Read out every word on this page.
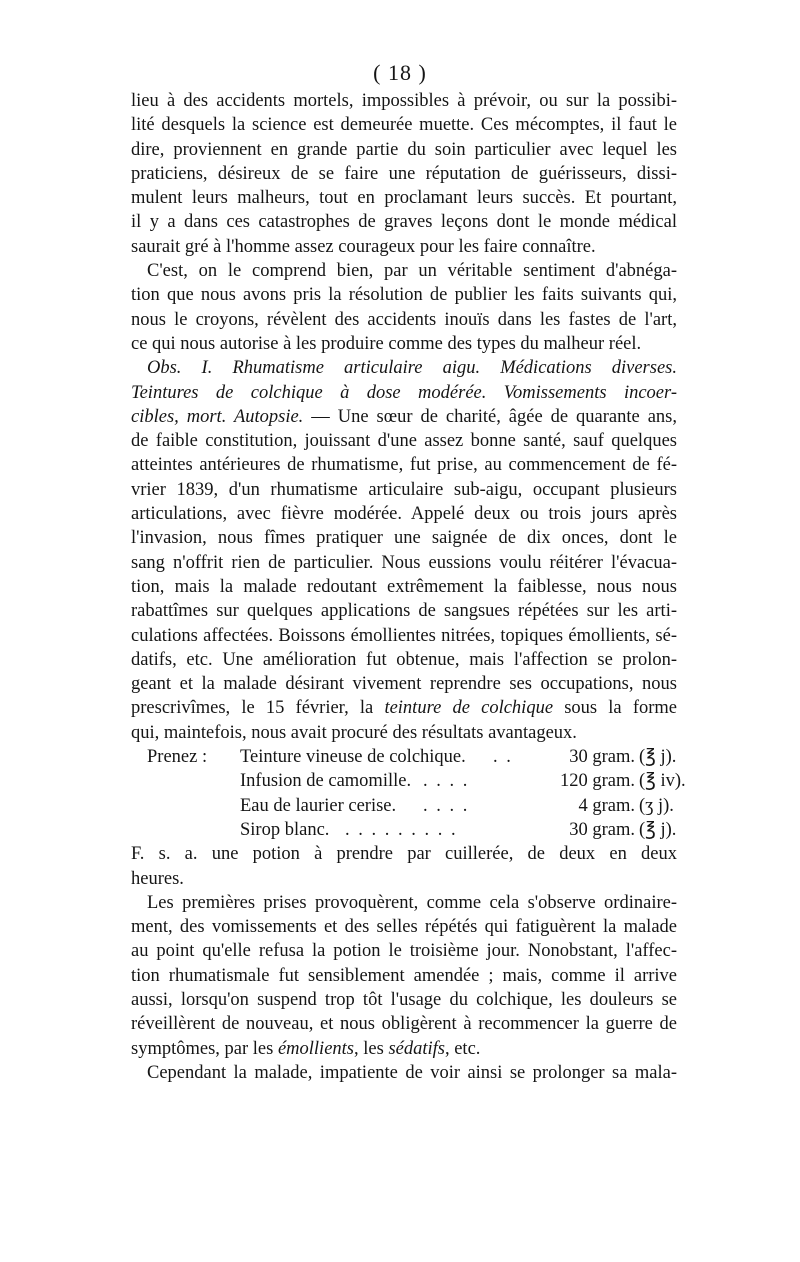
( 18 )
lieu à des accidents mortels, impossibles à prévoir, ou sur la possibi-
lité desquels la science est demeurée muette. Ces mécomptes, il faut le
dire, proviennent en grande partie du soin particulier avec lequel les
praticiens, désireux de se faire une réputation de guérisseurs, dissi-
mulent leurs malheurs, tout en proclamant leurs succès. Et pourtant,
il y a dans ces catastrophes de graves leçons dont le monde médical
saurait gré à l'homme assez courageux pour les faire connaître.
C'est, on le comprend bien, par un véritable sentiment d'abnéga-
tion que nous avons pris la résolution de publier les faits suivants qui,
nous le croyons, révèlent des accidents inouïs dans les fastes de l'art,
ce qui nous autorise à les produire comme des types du malheur réel.
Obs. I. Rhumatisme articulaire aigu. Médications diverses.
Teintures de colchique à dose modérée. Vomissements incoer-
cibles, mort. Autopsie. — Une sœur de charité, âgée de quarante ans,
de faible constitution, jouissant d'une assez bonne santé, sauf quelques
atteintes antérieures de rhumatisme, fut prise, au commencement de fé-
vrier 1839, d'un rhumatisme articulaire sub-aigu, occupant plusieurs
articulations, avec fièvre modérée. Appelé deux ou trois jours après
l'invasion, nous fîmes pratiquer une saignée de dix onces, dont le
sang n'offrit rien de particulier. Nous eussions voulu réitérer l'évacua-
tion, mais la malade redoutant extrêmement la faiblesse, nous nous
rabattîmes sur quelques applications de sangsues répétées sur les arti-
culations affectées. Boissons émollientes nitrées, topiques émollients, sé-
datifs, etc. Une amélioration fut obtenue, mais l'affection se prolon-
geant et la malade désirant vivement reprendre ses occupations, nous
prescrivîmes, le 15 février, la teinture de colchique sous la forme
qui, maintefois, nous avait procuré des résultats avantageux.
Prenez : Teinture vineuse de colchique. . .	30 gram. (℥ j).
Infusion de camomille. . . . .	120 gram. (℥ iv).
Eau de laurier cerise. . . . .	4 gram. (ʒ j).
Sirop blanc. . . . . . . . . .	30 gram. (℥ j).
F. s. a. une potion à prendre par cuillerée, de deux en deux
heures.
Les premières prises provoquèrent, comme cela s'observe ordinaire-
ment, des vomissements et des selles répétés qui fatiguèrent la malade
au point qu'elle refusa la potion le troisième jour. Nonobstant, l'affec-
tion rhumatismale fut sensiblement amendée ; mais, comme il arrive
aussi, lorsqu'on suspend trop tôt l'usage du colchique, les douleurs se
réveillèrent de nouveau, et nous obligèrent à recommencer la guerre de
symptômes, par les émollients, les sédatifs, etc.
Cependant la malade, impatiente de voir ainsi se prolonger sa mala-
